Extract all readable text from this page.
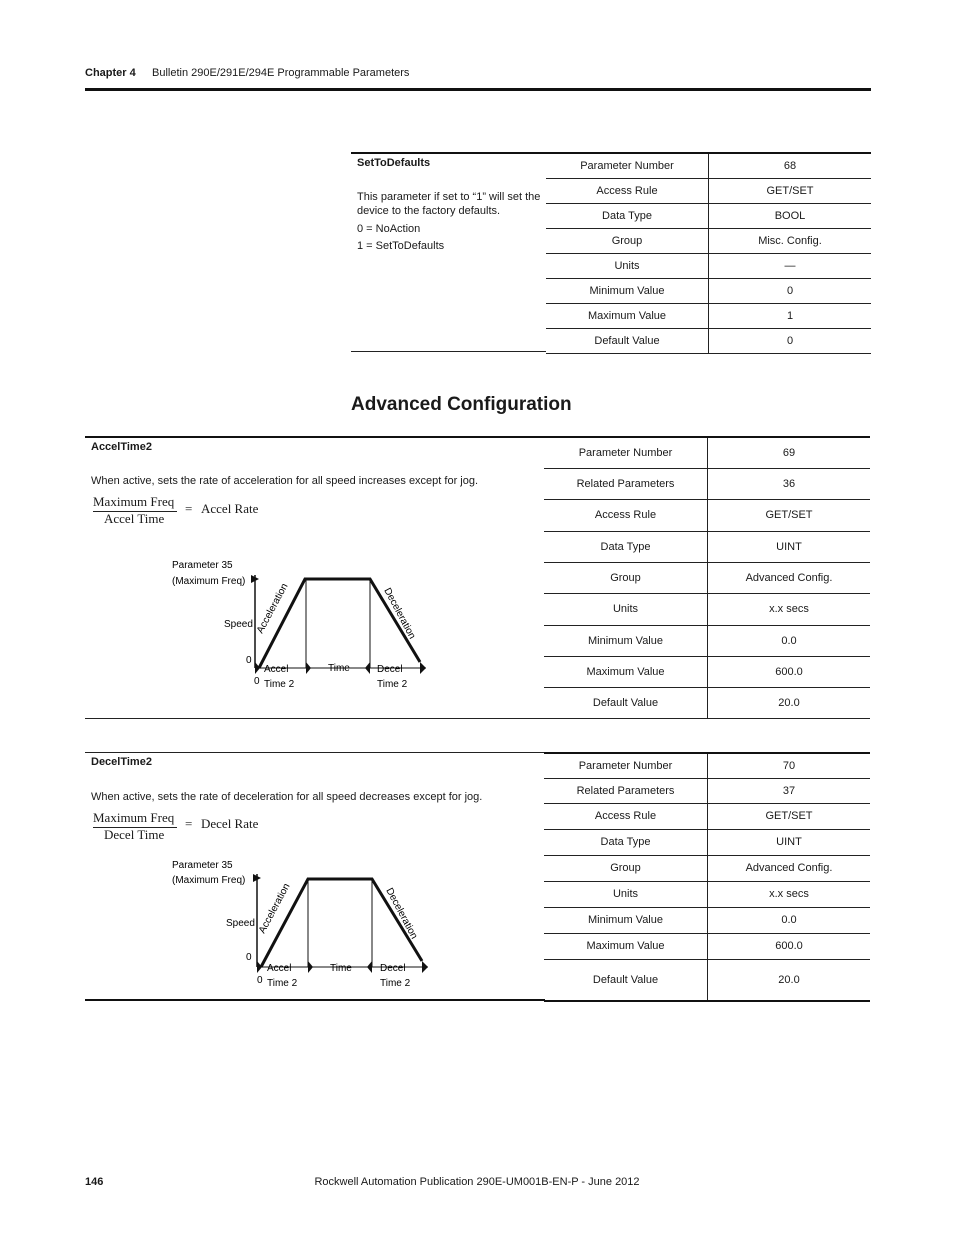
Chapter 4 Bulletin 290E/291E/294E Programmable Parameters
SetToDefaults
This parameter if set to “1” will set the
device to the factory defaults.
0 = NoAction
1 = SetToDefaults
Parameter Number	68
Access Rule	GET/SET
Data Type	BOOL
Group	Misc. Config.
Units	—
Minimum Value	0
Maximum Value	1
Default Value	0
Advanced Configuration
AccelTime2
When active, sets the rate of acceleration for all speed increases except for jog.
Maximum Freq
Accel Time
= Accel Rate
Parameter 35
(Maximum Freq)
Speed
0
0
Acceleration	Deceleration
Accel
Time 2
Time	Decel
Time 2
Parameter Number	69
Related Parameters	36
Access Rule	GET/SET
Data Type	UINT
Group	Advanced Config.
Units	x.x secs
Minimum Value	0.0
Maximum Value	600.0
Default Value	20.0
DecelTime2
When active, sets the rate of deceleration for all speed decreases except for jog.
Maximum Freq
Decel Time
= Decel Rate
Parameter 35
(Maximum Freq)
Speed
0
0
Acceleration	Deceleration
Accel
Time 2
Time	Decel
Time 2
Parameter Number	70
Related Parameters	37
Access Rule	GET/SET
Data Type	UINT
Group	Advanced Config.
Units	x.x secs
Minimum Value	0.0
Maximum Value	600.0
Default Value	20.0
146	Rockwell Automation Publication 290E-UM001B-EN-P - June 2012
